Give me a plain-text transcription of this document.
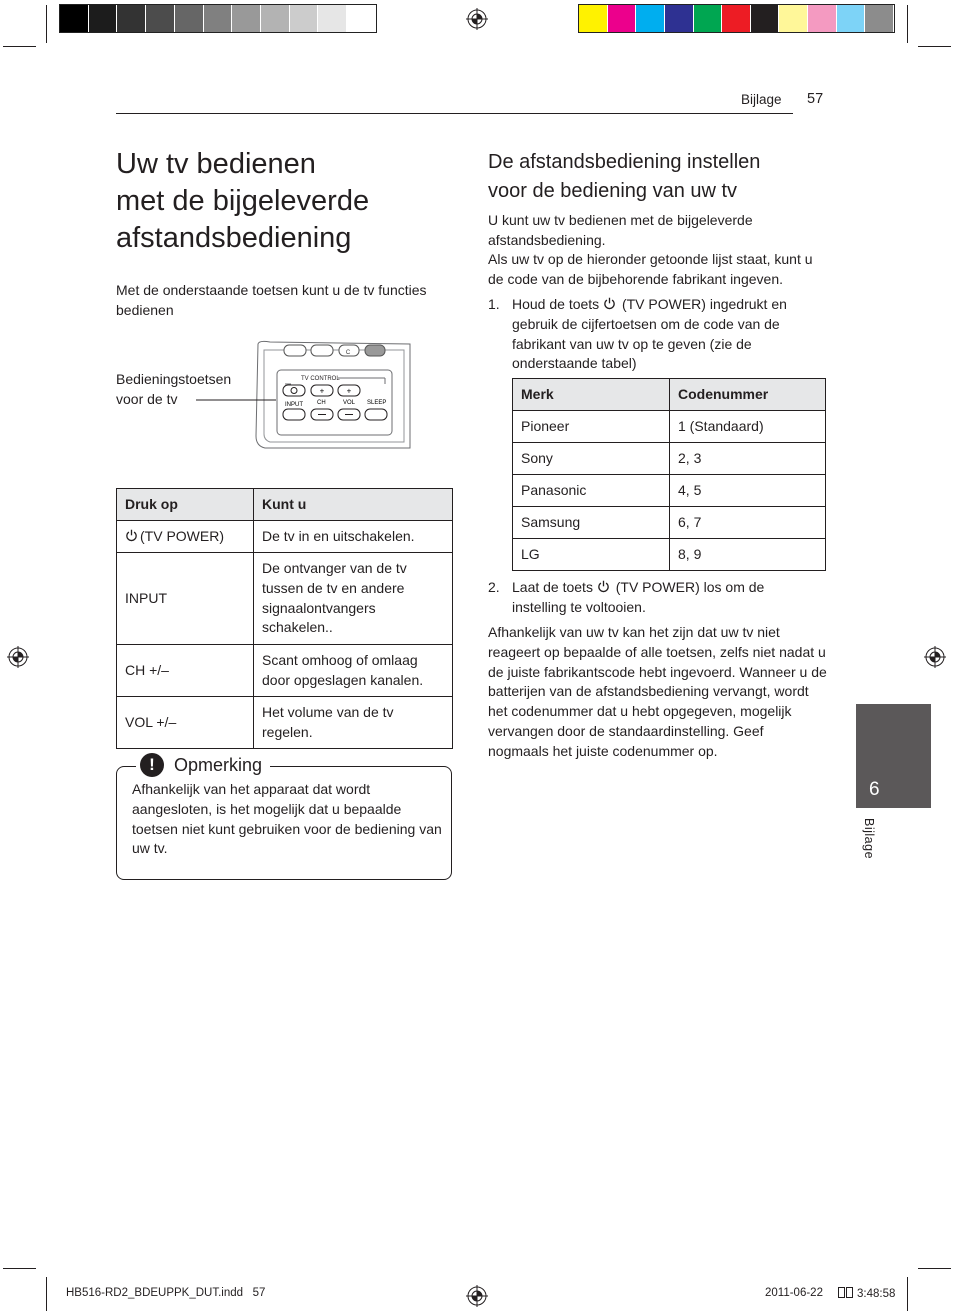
Bijlage 57
Uw tv bedienen
met de bijgeleverde
afstandsbediening
Met de onderstaande toetsen kunt u de tv functies bedienen
Bedieningstoetsen
voor de tv
C
TV CONTROL
+	+
INPUT CH	VOL SLEEP
Druk op	Kunt u
(TV POWER)	De tv in en uitschakelen.
INPUT	De ontvanger van de tv tussen de tv en andere signaalontvangers schakelen..
CH +/–	Scant omhoog of omlaag door opgeslagen kanalen.
VOL +/–	Het volume van de tv regelen.
!	Opmerking
Afhankelijk van het apparaat dat wordt aangesloten, is het mogelijk dat u bepaalde toetsen niet kunt gebruiken voor de bediening van uw tv.
De afstandsbediening instellen
voor de bediening van uw tv
U kunt uw tv bedienen met de bijgeleverde afstandsbediening.
Als uw tv op de hieronder getoonde lijst staat, kunt u de code van de bijbehorende fabrikant ingeven.
1. Houd de toets (TV POWER) ingedrukt en gebruik de cijfertoetsen om de code van de fabrikant van uw tv op te geven (zie de onderstaande tabel)
Merk	Codenummer
Pioneer	1 (Standaard)
Sony	2, 3
Panasonic	4, 5
Samsung	6, 7
LG	8, 9
2. Laat de toets (TV POWER) los om de instelling te voltooien.
Afhankelijk van uw tv kan het zijn dat uw tv niet reageert op bepaalde of alle toetsen, zelfs niet nadat u de juiste fabrikantscode hebt ingevoerd. Wanneer u de batterijen van de afstandsbediening vervangt, wordt het codenummer dat u hebt opgegeven, mogelijk vervangen door de standaardinstelling. Geef nogmaals het juiste codenummer op.
6
Bijlage
HB516-RD2_BDEUPPK_DUT.indd   57	2011-06-22	3:48:58
